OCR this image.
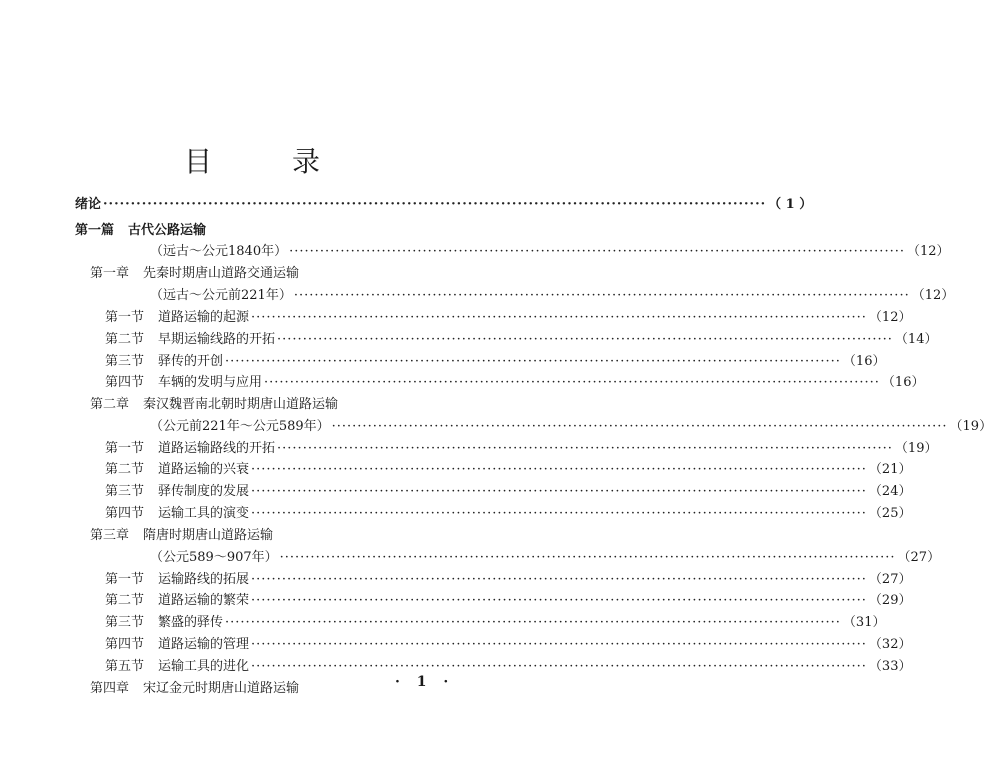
目　录
绪论 ························································································································ （ 1 ）
第一篇 古代公路运输
（远古～公元1840年） ························································································································ （12）
第一章 先秦时期唐山道路交通运输
（远古～公元前221年） ························································································································ （12）
第一节 道路运输的起源 ························································································································ （12）
第二节 早期运输线路的开拓 ························································································································ （14）
第三节 驿传的开创 ························································································································ （16）
第四节 车辆的发明与应用 ························································································································ （16）
第二章 秦汉魏晋南北朝时期唐山道路运输
（公元前221年～公元589年） ························································································································ （19）
第一节 道路运输路线的开拓 ························································································································ （19）
第二节 道路运输的兴衰 ························································································································ （21）
第三节 驿传制度的发展 ························································································································ （24）
第四节 运输工具的演变 ························································································································ （25）
第三章 隋唐时期唐山道路运输
（公元589～907年） ························································································································ （27）
第一节 运输路线的拓展 ························································································································ （27）
第二节 道路运输的繁荣 ························································································································ （29）
第三节 繁盛的驿传 ························································································································ （31）
第四节 道路运输的管理 ························································································································ （32）
第五节 运输工具的进化 ························································································································ （33）
第四章 宋辽金元时期唐山道路运输	· 1 ·
